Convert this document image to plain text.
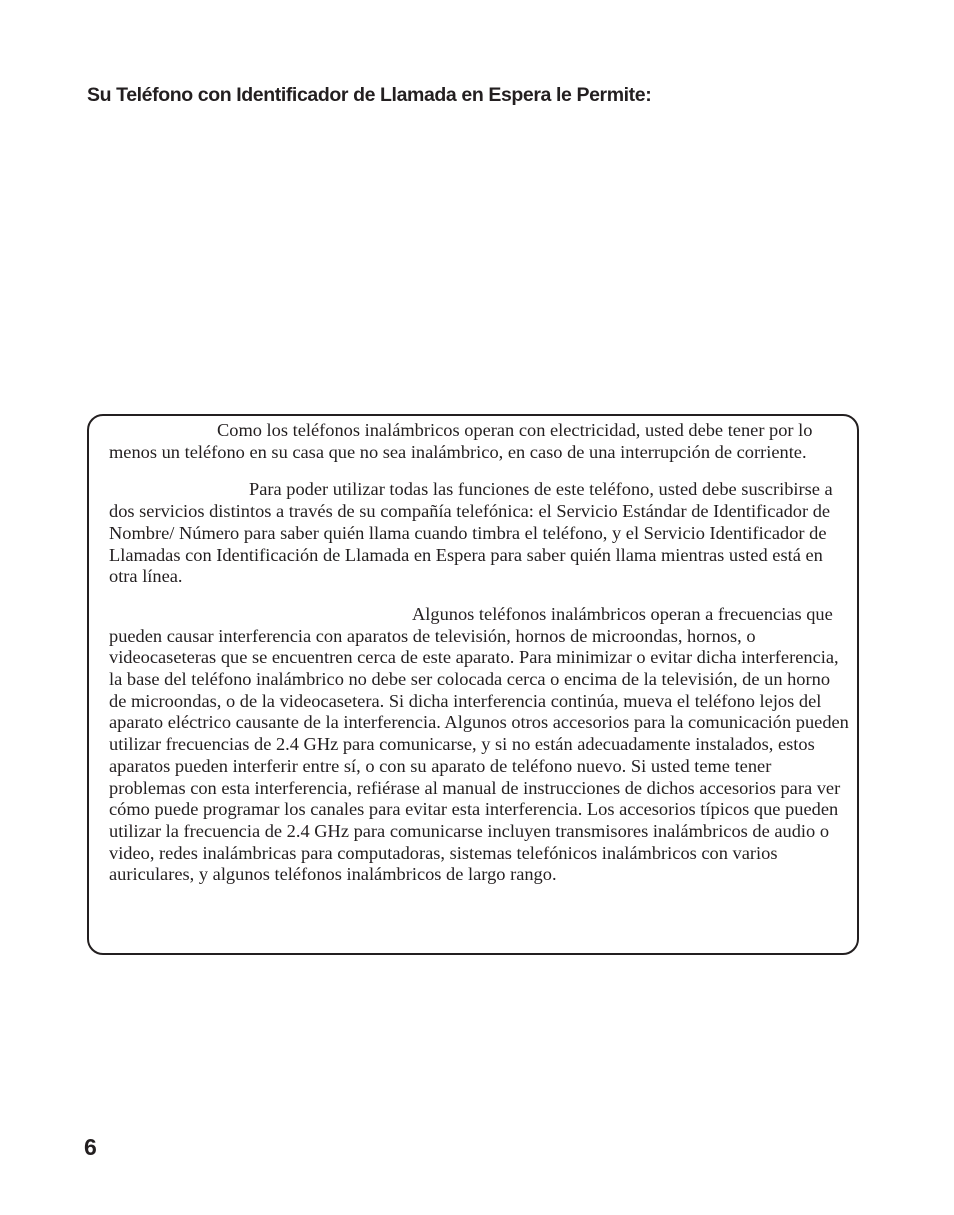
Su Teléfono con Identificador de Llamada en Espera le Permite:

Como los teléfonos inalámbricos operan con electricidad, usted debe tener por lo menos un teléfono en su casa que no sea inalámbrico, en caso de una interrupción de corriente.

Para poder utilizar todas las funciones de este teléfono, usted debe suscribirse a dos servicios distintos a través de su compañía telefónica: el Servicio Estándar de Identificador de Nombre/ Número para saber quién llama cuando timbra el teléfono, y el Servicio Identificador de Llamadas con Identificación de Llamada en Espera para saber quién llama mientras usted está en otra línea.

Algunos teléfonos inalámbricos operan a frecuencias que pueden causar interferencia con aparatos de televisión, hornos de microondas, hornos, o videocaseteras que se encuentren cerca de este aparato. Para minimizar o evitar dicha interferencia, la base del teléfono inalámbrico no debe ser colocada cerca o encima de la televisión, de un horno de microondas, o de la videocasetera. Si dicha interferencia continúa, mueva el teléfono lejos del aparato eléctrico causante de la interferencia. Algunos otros accesorios para la comunicación pueden utilizar frecuencias de 2.4 GHz para comunicarse, y si no están adecuadamente instalados, estos aparatos pueden interferir entre sí, o con su aparato de teléfono nuevo. Si usted teme tener problemas con esta interferencia, refiérase al manual de instrucciones de dichos accesorios para ver cómo puede programar los canales para evitar esta interferencia. Los accesorios típicos que pueden utilizar la frecuencia de 2.4 GHz para comunicarse incluyen transmisores inalámbricos de audio o video, redes inalámbricas para computadoras, sistemas telefónicos inalámbricos con varios auriculares, y algunos teléfonos inalámbricos de largo rango.

6
